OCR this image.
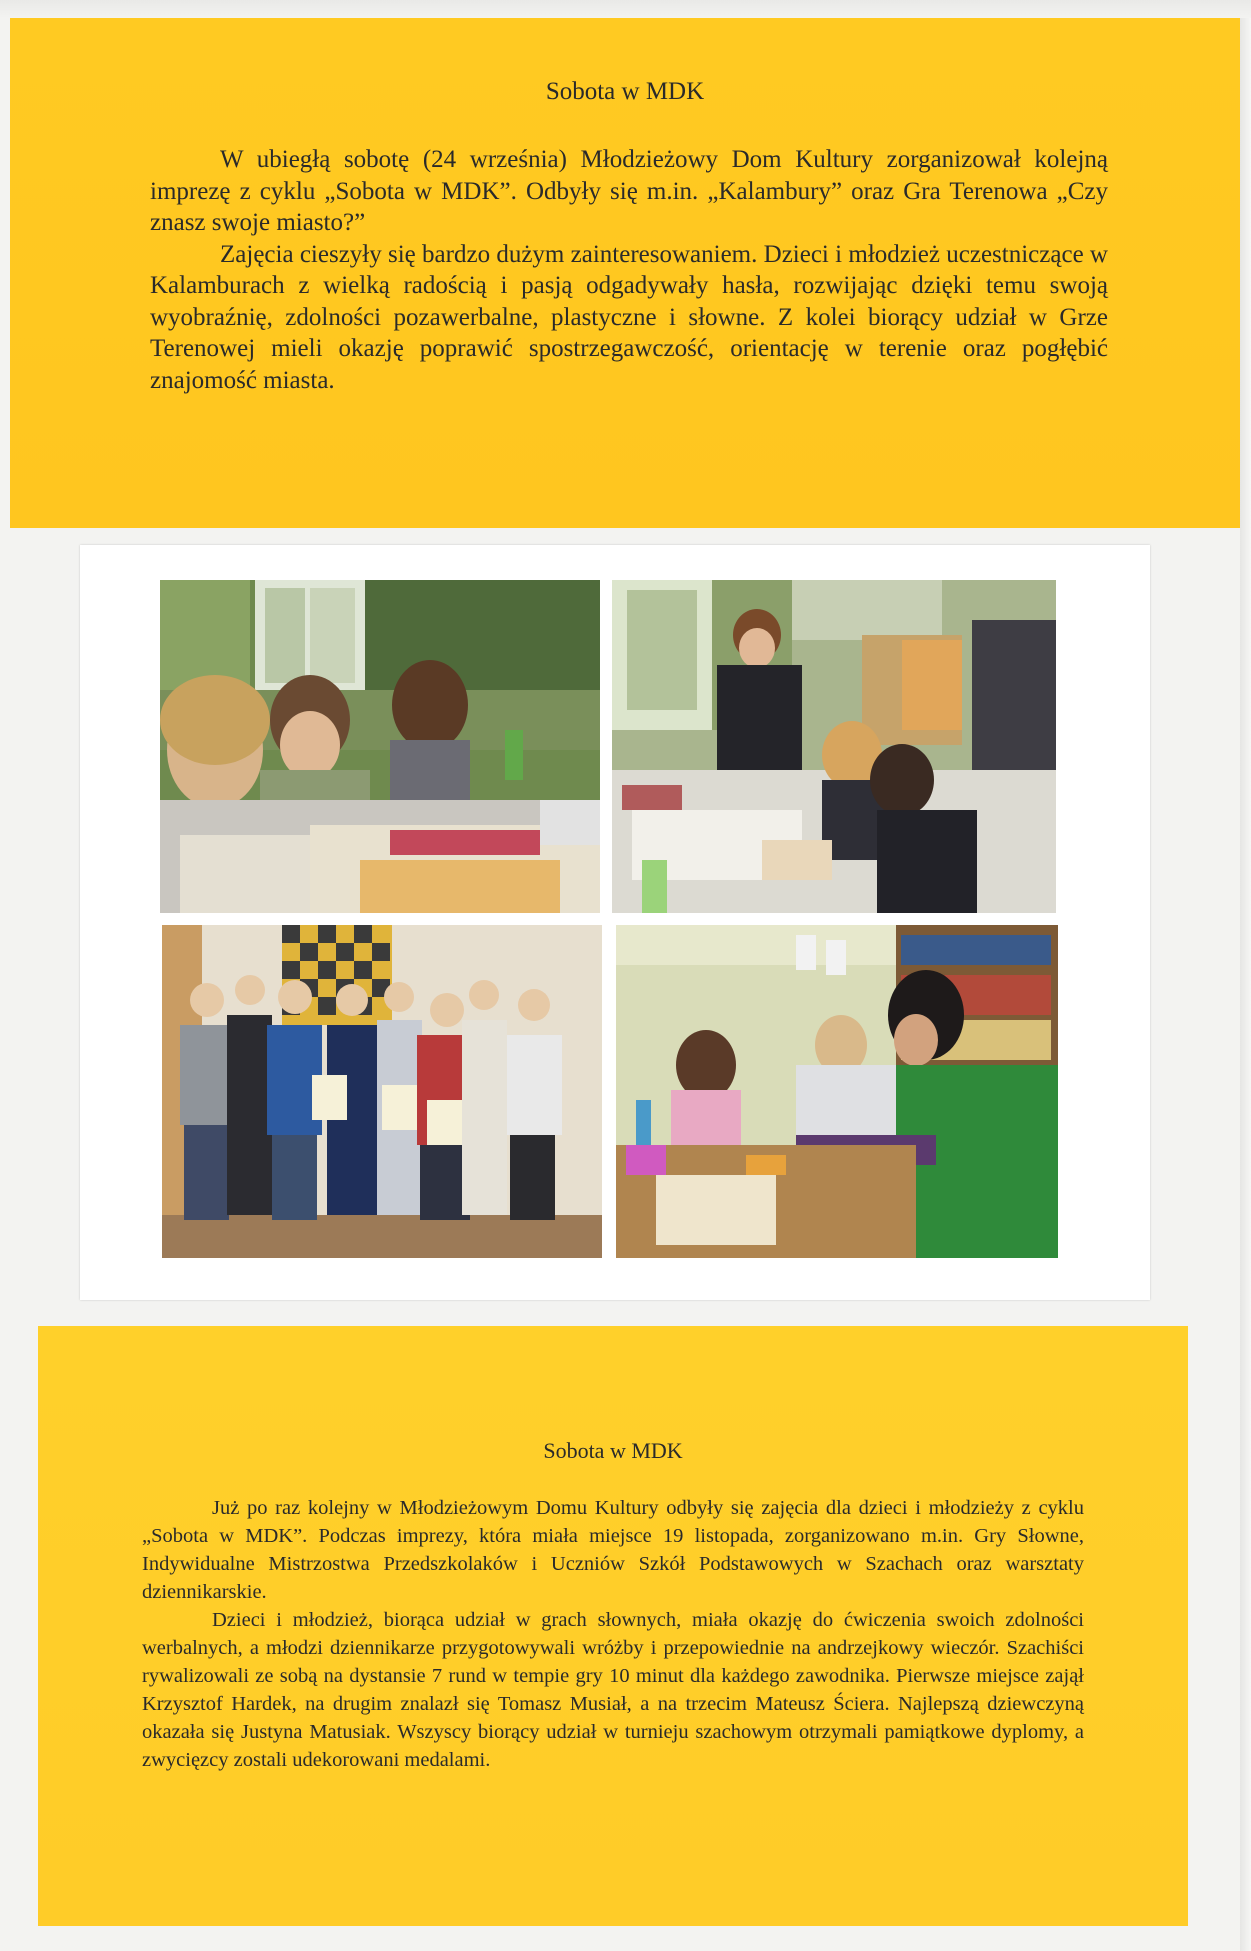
Sobota w MDK

W ubiegłą sobotę (24 września) Młodzieżowy Dom Kultury zorganizował kolejną imprezę z cyklu „Sobota w MDK”. Odbyły się m.in. „Kalambury” oraz Gra Terenowa „Czy znasz swoje miasto?”

Zajęcia cieszyły się bardzo dużym zainteresowaniem. Dzieci i młodzież uczestniczące w Kalamburach z wielką radością i pasją odgadywały hasła, rozwijając dzięki temu swoją wyobraźnię, zdolności pozawerbalne, plastyczne i słowne. Z kolei biorący udział w Grze Terenowej mieli okazję poprawić spostrzegawczość, orientację w terenie oraz pogłębić znajomość miasta.

Sobota w MDK

Już po raz kolejny w Młodzieżowym Domu Kultury odbyły się zajęcia dla dzieci i młodzieży z cyklu „Sobota w MDK”. Podczas imprezy, która miała miejsce 19 listopada, zorganizowano m.in. Gry Słowne, Indywidualne Mistrzostwa Przedszkolaków i Uczniów Szkół Podstawowych w Szachach oraz warsztaty dziennikarskie.

Dzieci i młodzież, biorąca udział w grach słownych, miała okazję do ćwiczenia swoich zdolności werbalnych, a młodzi dziennikarze przygotowywali wróżby i przepowiednie na andrzejkowy wieczór. Szachiści rywalizowali ze sobą na dystansie 7 rund w tempie gry 10 minut dla każdego zawodnika. Pierwsze miejsce zajął Krzysztof Hardek, na drugim znalazł się Tomasz Musiał, a na trzecim Mateusz Ściera. Najlepszą dziewczyną okazała się Justyna Matusiak. Wszyscy biorący udział w turnieju szachowym otrzymali pamiątkowe dyplomy, a zwycięzcy zostali udekorowani medalami.
